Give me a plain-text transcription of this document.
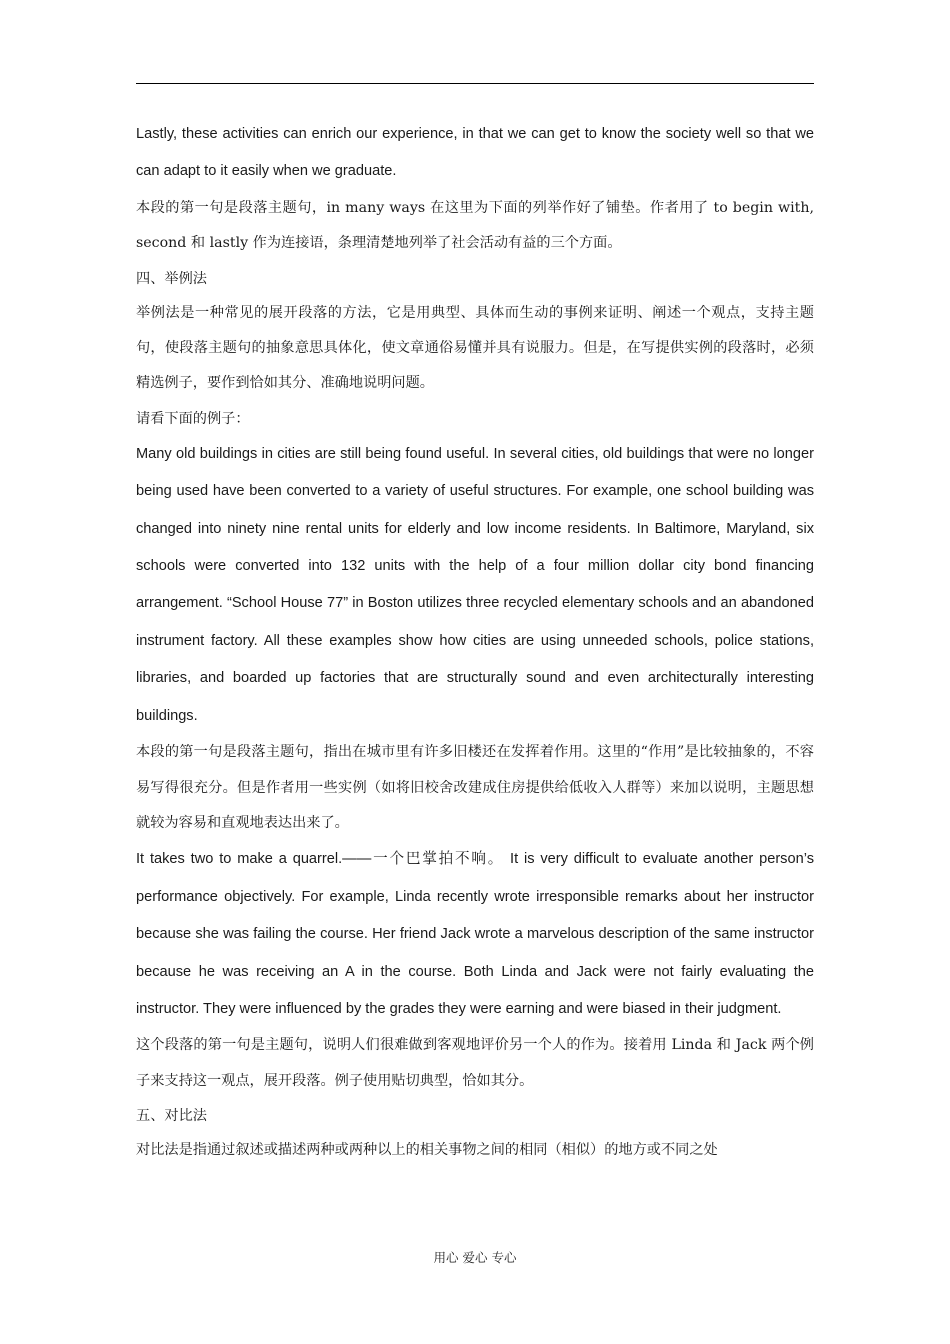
Lastly, these activities can enrich our experience, in that we can get to know the society well so that we can adapt to it easily when we graduate.

本段的第一句是段落主题句，in many ways 在这里为下面的列举作好了铺垫。作者用了 to begin with, second 和 lastly 作为连接语，条理清楚地列举了社会活动有益的三个方面。

四、举例法

举例法是一种常见的展开段落的方法，它是用典型、具体而生动的事例来证明、阐述一个观点，支持主题句，使段落主题句的抽象意思具体化，使文章通俗易懂并具有说服力。但是，在写提供实例的段落时，必须精选例子，要作到恰如其分、准确地说明问题。

请看下面的例子：

Many old buildings in cities are still being found useful. In several cities, old buildings that were no longer being used have been converted to a variety of useful structures. For example, one school building was changed into ninety nine rental units for elderly and low income residents. In Baltimore, Maryland, six schools were converted into 132 units with the help of a four million dollar city bond financing arrangement. “School House 77” in Boston utilizes three recycled elementary schools and an abandoned instrument factory. All these examples show how cities are using unneeded schools, police stations, libraries, and boarded up factories that are structurally sound and even architecturally interesting buildings.

本段的第一句是段落主题句，指出在城市里有许多旧楼还在发挥着作用。这里的“作用”是比较抽象的，不容易写得很充分。但是作者用一些实例（如将旧校舍改建成住房提供给低收入人群等）来加以说明，主题思想就较为容易和直观地表达出来了。

It takes two to make a quarrel.——一个巴掌拍不响。 It is very difficult to evaluate another person’s performance objectively. For example, Linda recently wrote irresponsible remarks about her instructor because she was failing the course. Her friend Jack wrote a marvelous description of the same instructor because he was receiving an A in the course. Both Linda and Jack were not fairly evaluating the instructor. They were influenced by the grades they were earning and were biased in their judgment.

这个段落的第一句是主题句，说明人们很难做到客观地评价另一个人的作为。接着用 Linda 和 Jack 两个例子来支持这一观点，展开段落。例子使用贴切典型，恰如其分。

五、对比法

对比法是指通过叙述或描述两种或两种以上的相关事物之间的相同（相似）的地方或不同之处

用心 爱心 专心
